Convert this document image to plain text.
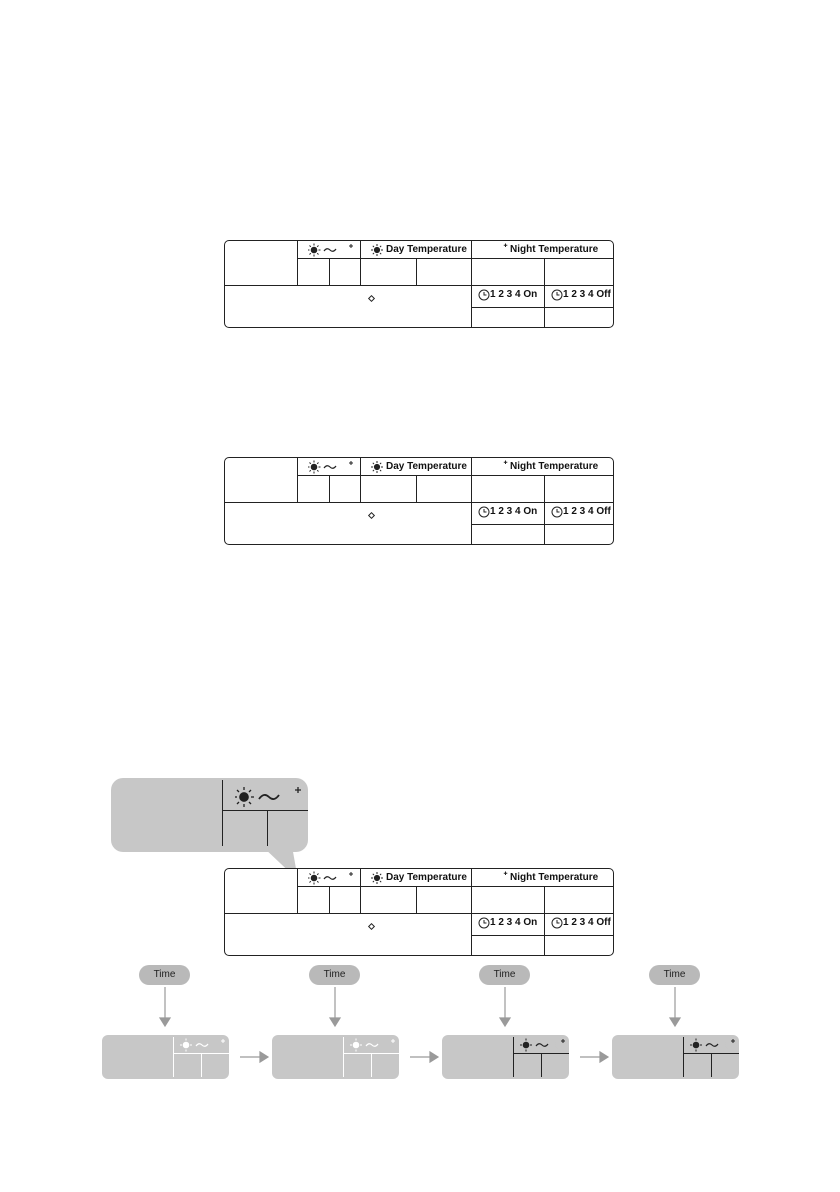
Day Temperature	Night Temperature
1 2 3 4 On	1 2 3 4 Off
Day Temperature	Night Temperature
1 2 3 4 On	1 2 3 4 Off
Day Temperature	Night Temperature
1 2 3 4 On	1 2 3 4 Off
Time	Time	Time	Time
